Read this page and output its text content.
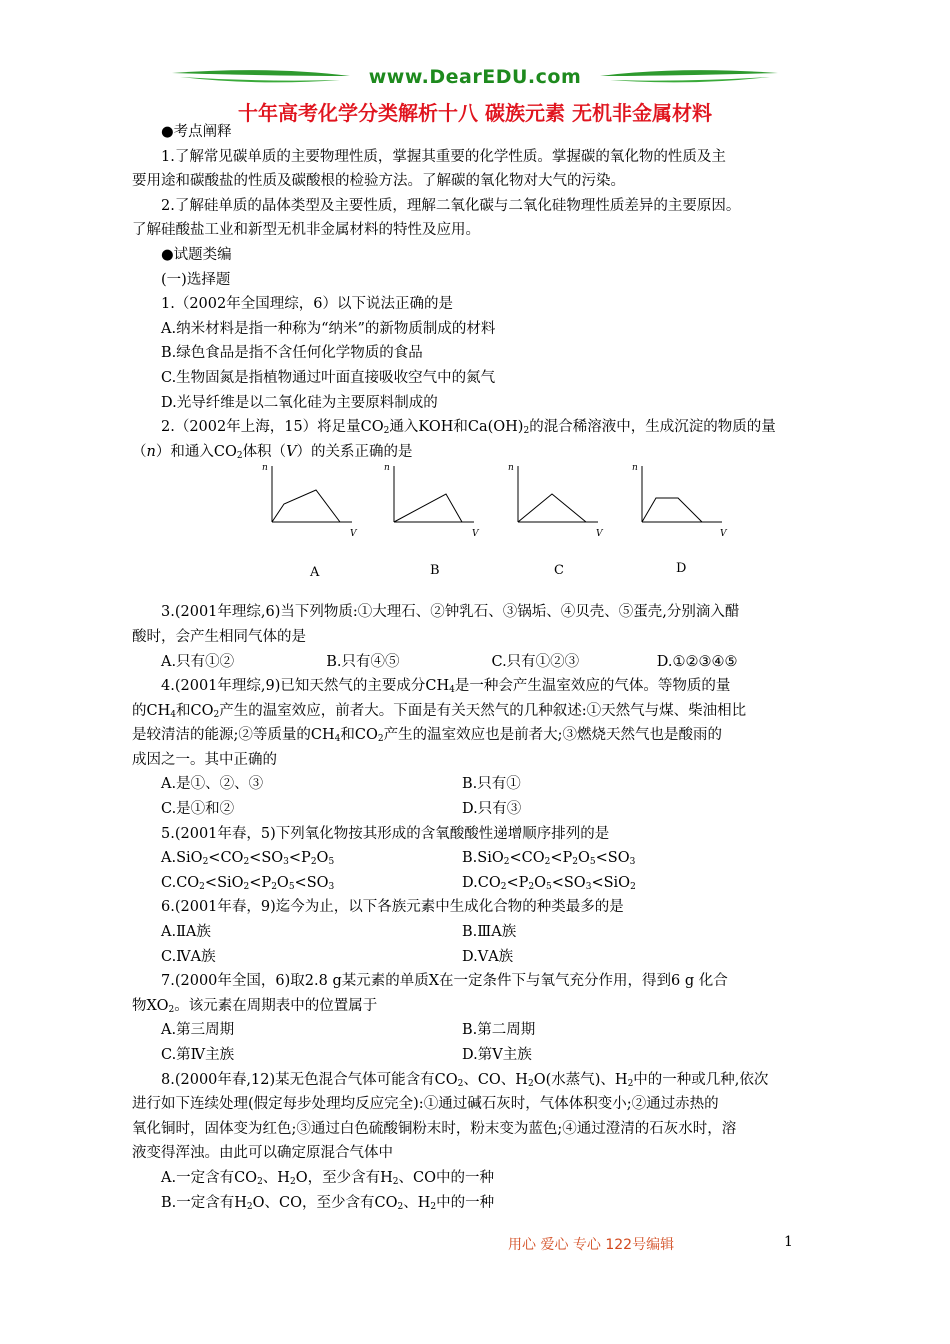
www.DearEDU.com
十年高考化学分类解析十八 碳族元素 无机非金属材料

●考点阐释

1.了解常见碳单质的主要物理性质，掌握其重要的化学性质。掌握碳的氧化物的性质及主

要用途和碳酸盐的性质及碳酸根的检验方法。了解碳的氧化物对大气的污染。

2.了解硅单质的晶体类型及主要性质，理解二氧化碳与二氧化硅物理性质差异的主要原因。

了解硅酸盐工业和新型无机非金属材料的特性及应用。

●试题类编

(一)选择题

1.（2002年全国理综，6）以下说法正确的是

A.纳米材料是指一种称为“纳米”的新物质制成的材料

B.绿色食品是指不含任何化学物质的食品

C.生物固氮是指植物通过叶面直接吸收空气中的氮气

D.光导纤维是以二氧化硅为主要原料制成的

2.（2002年上海，15）将足量$CO_2$通入KOH和$Ca(OH)_2$的混合稀溶液中，生成沉淀的物质的量

（n）和通入$CO_2$体积（V）的关系正确的是

n
V
A
n
V
B
n
V
C
n
V
D

3.(2001年理综,6)当下列物质:①大理石、②钟乳石、③锅垢、④贝壳、⑤蛋壳,分别滴入醋

酸时，会产生相同气体的是

A.只有①②	B.只有④⑤	C.只有①②③	D.①②③④⑤

4.(2001年理综,9)已知天然气的主要成分$CH_4$是一种会产生温室效应的气体。等物质的量

的$CH_4$和$CO_2$产生的温室效应，前者大。下面是有关天然气的几种叙述:①天然气与煤、柴油相比

是较清洁的能源;②等质量的$CH_4$和$CO_2$产生的温室效应也是前者大;③燃烧天然气也是酸雨的

成因之一。其中正确的

A.是①、②、③	B.只有①
C.是①和②	D.只有③

5.(2001年春，5)下列氧化物按其形成的含氧酸酸性递增顺序排列的是

$A.SiO_2<CO_2<SO_3<P_2O_5$	$B.SiO_2<CO_2<P_2O_5<SO_3$
$C.CO_2<SiO_2<P_2O_5<SO_3$	$D.CO_2<P_2O_5<SO_3<SiO_2$

6.(2001年春，9)迄今为止，以下各族元素中生成化合物的种类最多的是

A.ⅡA族	B.ⅢA族
C.ⅣA族	D.ⅤA族

7.(2000年全国，6)取2.8 g某元素的单质X在一定条件下与氧气充分作用，得到6 g 化合

物$XO_2$。该元素在周期表中的位置属于

A.第三周期	B.第二周期
C.第Ⅳ主族	D.第Ⅴ主族

8.(2000年春,12)某无色混合气体可能含有$CO_2$、CO、$H_2O$(水蒸气)、$H_2$中的一种或几种,依次

进行如下连续处理(假定每步处理均反应完全):①通过碱石灰时，气体体积变小;②通过赤热的

氧化铜时，固体变为红色;③通过白色硫酸铜粉末时，粉末变为蓝色;④通过澄清的石灰水时，溶

液变得浑浊。由此可以确定原混合气体中

A.一定含有$CO_2$、$H_2O$，至少含有$H_2$、CO中的一种

B.一定含有$H_2O$、CO，至少含有$CO_2$、$H_2$中的一种

用心 爱心 专心 122号编辑	1
